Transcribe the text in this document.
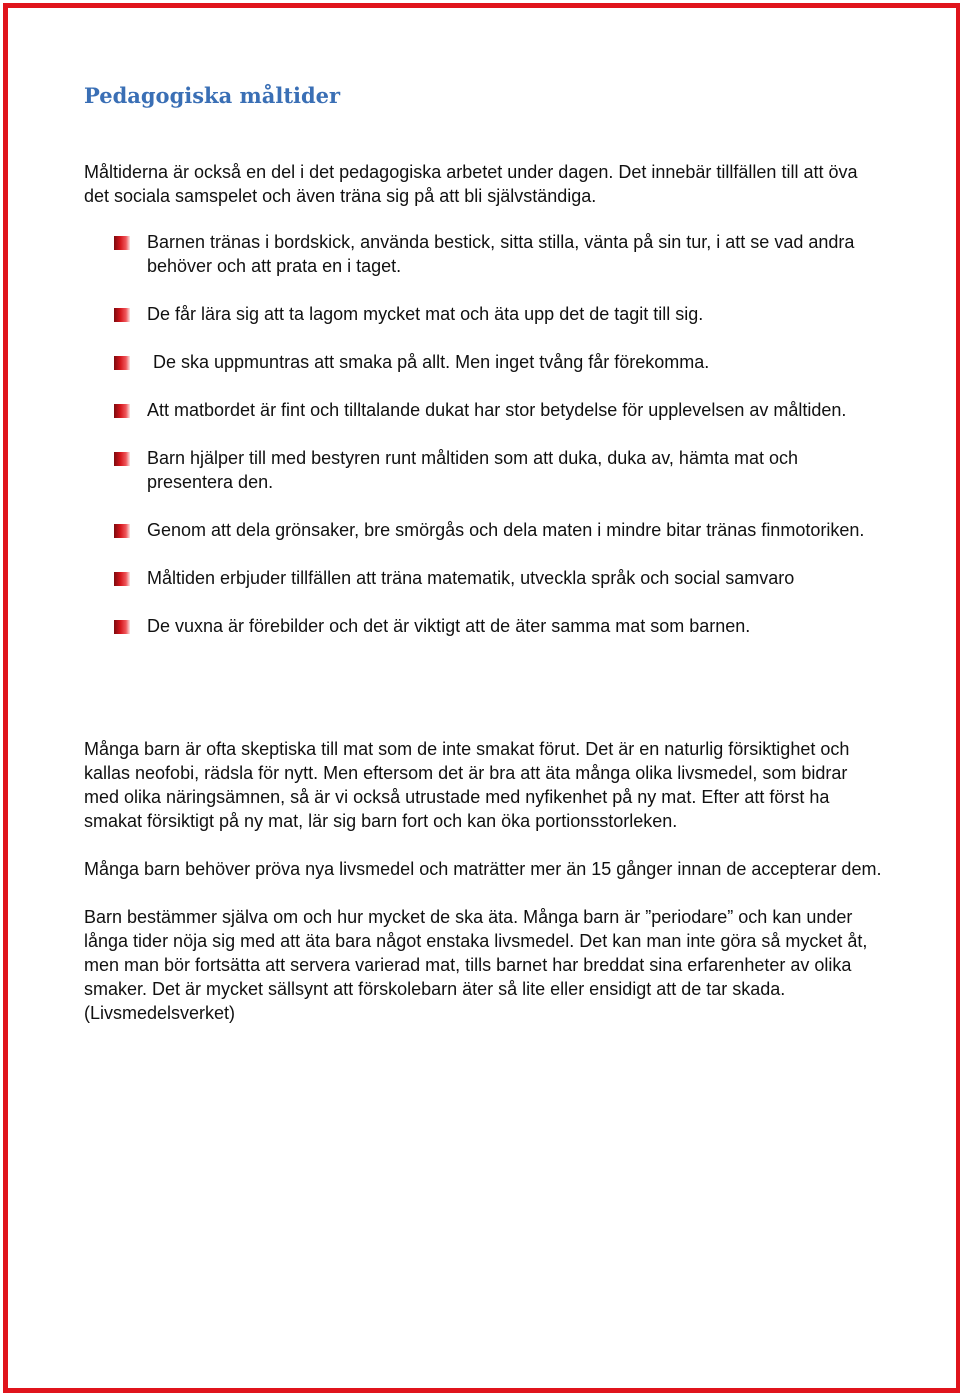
Pedagogiska måltider

Måltiderna är också en del i det pedagogiska arbetet under dagen. Det innebär tillfällen till att öva det sociala samspelet och även träna sig på att bli självständiga.

Barnen tränas i bordskick, använda bestick, sitta stilla, vänta på sin tur, i att se vad andra behöver och att prata en i taget.
De får lära sig att ta lagom mycket mat och äta upp det de tagit till sig.
De ska uppmuntras att smaka på allt. Men inget tvång får förekomma.
Att matbordet är fint och tilltalande dukat har stor betydelse för upplevelsen av måltiden.
Barn hjälper till med bestyren runt måltiden som att duka, duka av, hämta mat och presentera den.
Genom att dela grönsaker, bre smörgås och dela maten i mindre bitar tränas finmotoriken.
Måltiden erbjuder tillfällen att träna matematik, utveckla språk och social samvaro
De vuxna är förebilder och det är viktigt att de äter samma mat som barnen.

Många barn är ofta skeptiska till mat som de inte smakat förut. Det är en naturlig försiktighet och kallas neofobi, rädsla för nytt. Men eftersom det är bra att äta många olika livsmedel, som bidrar med olika näringsämnen, så är vi också utrustade med nyfikenhet på ny mat. Efter att först ha smakat försiktigt på ny mat, lär sig barn fort och kan öka portionsstorleken.

Många barn behöver pröva nya livsmedel och maträtter mer än 15 gånger innan de accepterar dem.

Barn bestämmer själva om och hur mycket de ska äta. Många barn är ”periodare” och kan under långa tider nöja sig med att äta bara något enstaka livsmedel. Det kan man inte göra så mycket åt, men man bör fortsätta att servera varierad mat, tills barnet har breddat sina erfarenheter av olika smaker. Det är mycket sällsynt att förskolebarn äter så lite eller ensidigt att de tar skada. (Livsmedelsverket)
